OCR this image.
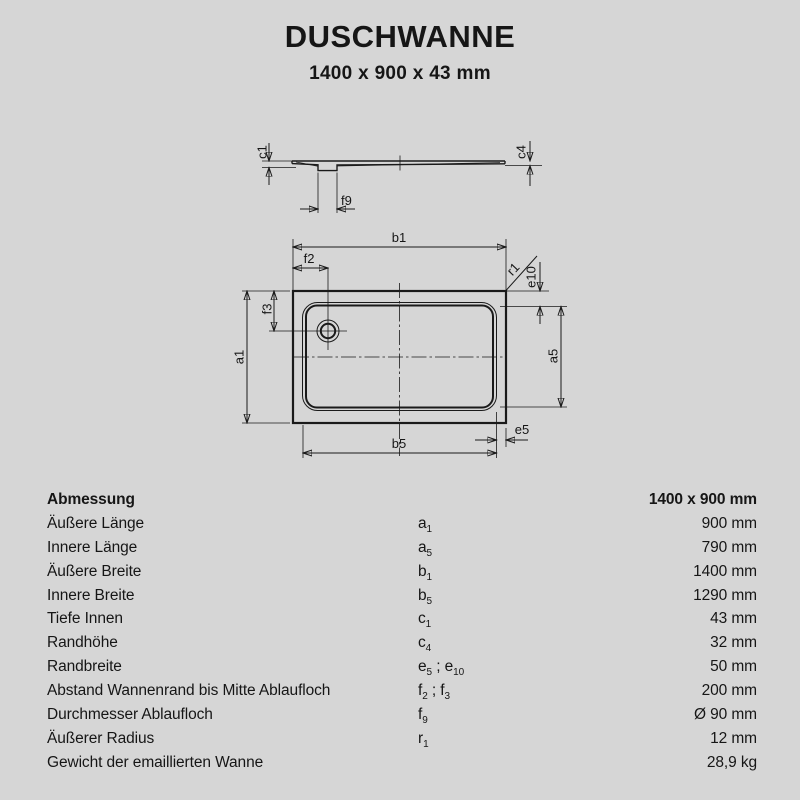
DUSCHWANNE
1400 x 900 x 43 mm
c1	c4
f9
b1
f2
f3
a1
r1 e10
a5
e5
b5
Abmessung	1400 x 900 mm
Äußere Länge	$a_1$	900 mm
Innere Länge	$a_5$	790 mm
Äußere Breite	$b_1$	1400 mm
Innere Breite	$b_5$	1290 mm
Tiefe Innen	$c_1$	43 mm
Randhöhe	$c_4$	32 mm
Randbreite	$e_5$ ; $e_{10}$	50 mm
Abstand Wannenrand bis Mitte Ablaufloch	$f_2$ ; $f_3$	200 mm
Durchmesser Ablaufloch	$f_9$	Ø 90 mm
Äußerer Radius	$r_1$	12 mm
Gewicht der emaillierten Wanne	28,9 kg
